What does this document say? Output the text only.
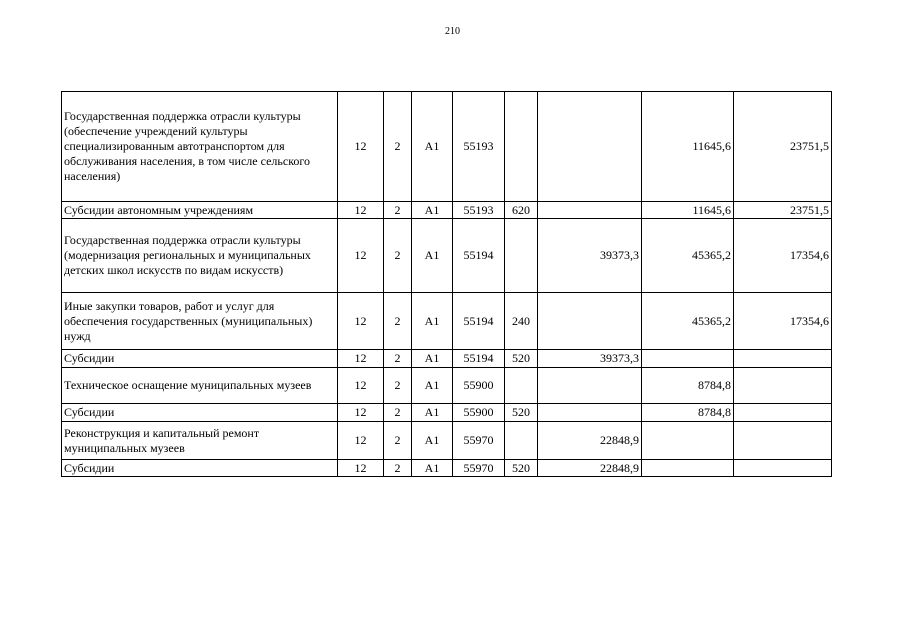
210
Государственная поддержка отрасли культуры (обеспечение учреждений культуры специализированным автотранспортом для обслуживания населения, в том числе сельского населения)	12	2	А1	55193			11645,6	23751,5
Субсидии автономным учреждениям	12	2	А1	55193	620		11645,6	23751,5
Государственная поддержка отрасли культуры (модернизация региональных и муниципальных детских школ искусств по видам искусств)	12	2	А1	55194		39373,3	45365,2	17354,6
Иные закупки товаров, работ и услуг для обеспечения государственных (муниципальных) нужд	12	2	А1	55194	240		45365,2	17354,6
Субсидии	12	2	А1	55194	520	39373,3		
Техническое оснащение муниципальных музеев	12	2	А1	55900			8784,8	
Субсидии	12	2	А1	55900	520		8784,8	
Реконструкция и капитальный ремонт муниципальных музеев	12	2	А1	55970		22848,9		
Субсидии	12	2	А1	55970	520	22848,9		
